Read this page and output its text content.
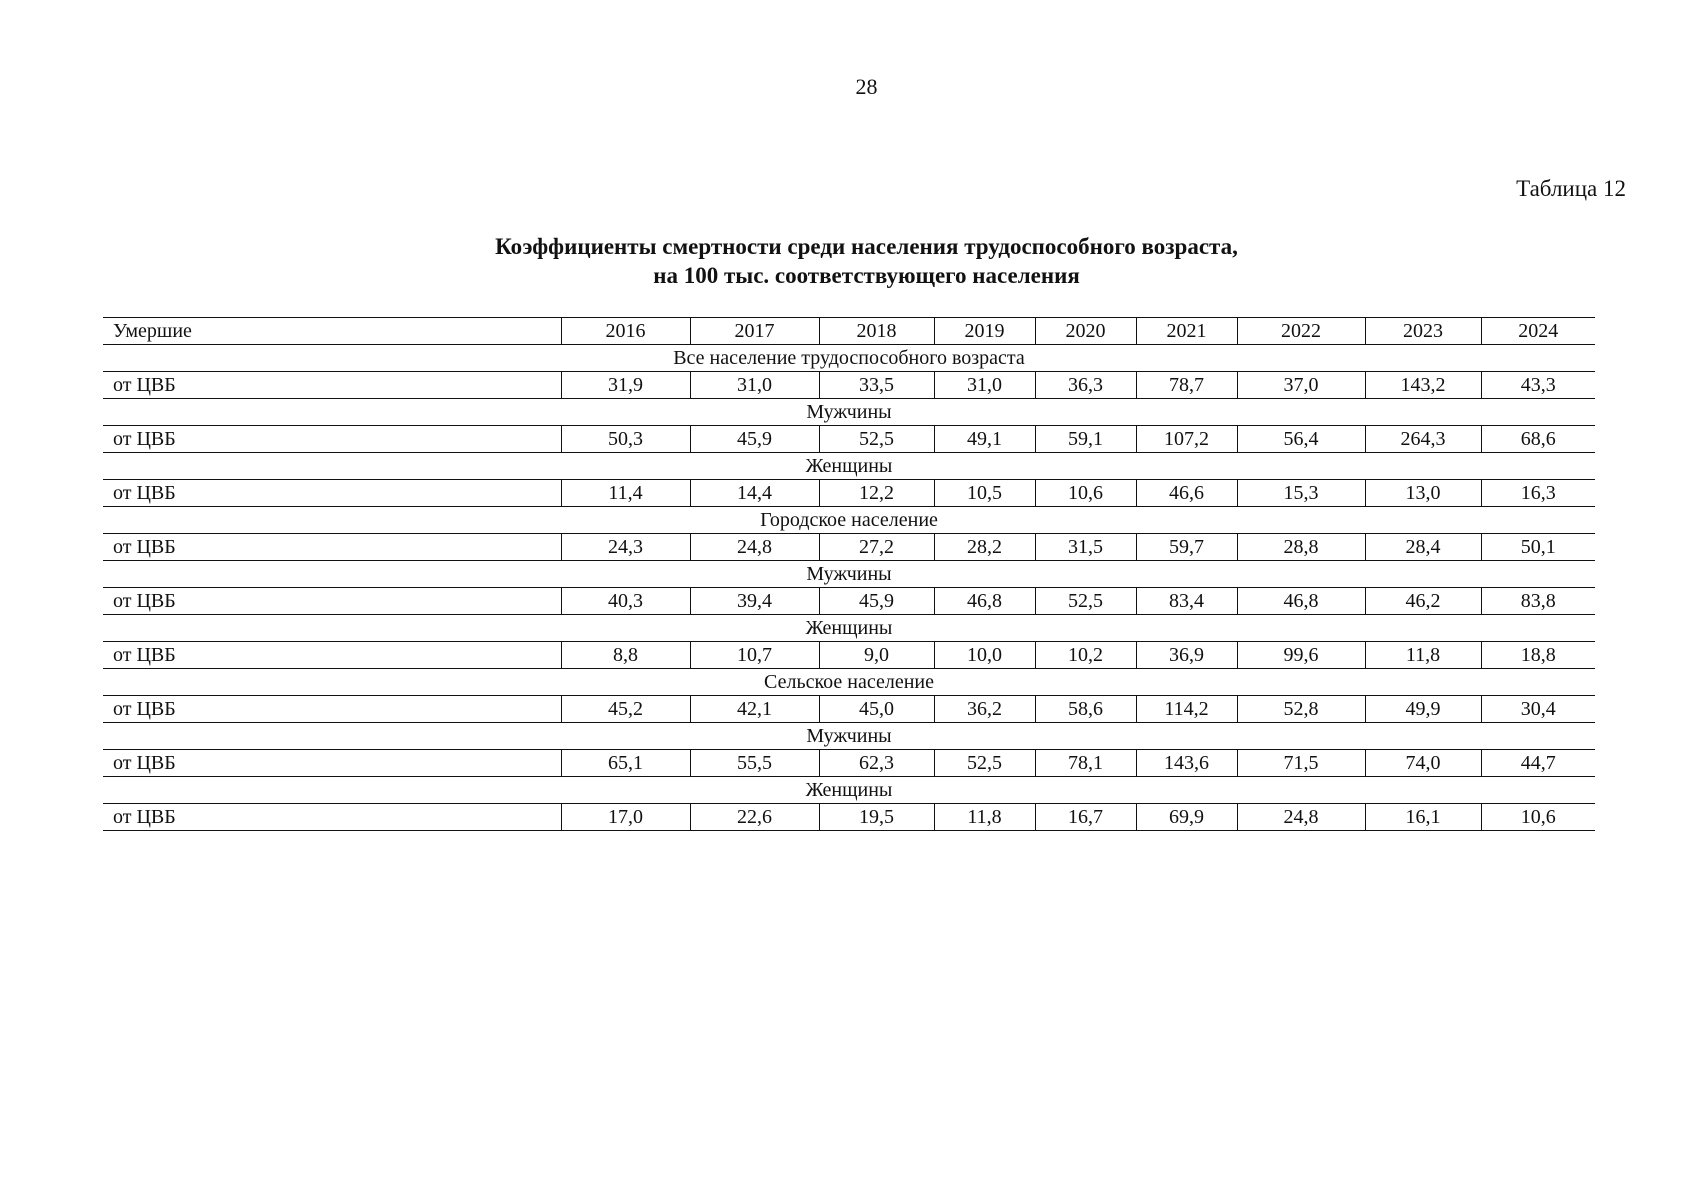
28
Таблица 12
Коэффициенты смертности среди населения трудоспособного возраста,
на 100 тыс. соответствующего населения
Умершие	2016	2017	2018	2019	2020	2021	2022	2023	2024
Все население трудоспособного возраста									
от ЦВБ	31,9	31,0	33,5	31,0	36,3	78,7	37,0	143,2	43,3
Мужчины									
от ЦВБ	50,3	45,9	52,5	49,1	59,1	107,2	56,4	264,3	68,6
Женщины									
от ЦВБ	11,4	14,4	12,2	10,5	10,6	46,6	15,3	13,0	16,3
Городское население									
от ЦВБ	24,3	24,8	27,2	28,2	31,5	59,7	28,8	28,4	50,1
Мужчины									
от ЦВБ	40,3	39,4	45,9	46,8	52,5	83,4	46,8	46,2	83,8
Женщины									
от ЦВБ	8,8	10,7	9,0	10,0	10,2	36,9	99,6	11,8	18,8
Сельское население									
от ЦВБ	45,2	42,1	45,0	36,2	58,6	114,2	52,8	49,9	30,4
Мужчины									
от ЦВБ	65,1	55,5	62,3	52,5	78,1	143,6	71,5	74,0	44,7
Женщины									
от ЦВБ	17,0	22,6	19,5	11,8	16,7	69,9	24,8	16,1	10,6
